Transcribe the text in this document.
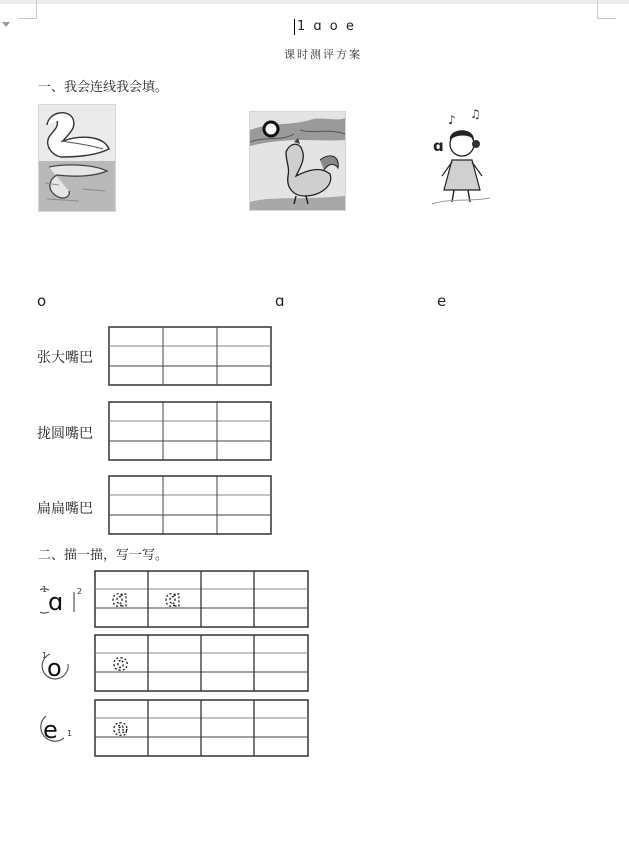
1 ɑ o e
课时测评方案
一、我会连线我会填。
ɑ
♪ ♫
o	ɑ	e
张大嘴巴
拢圆嘴巴
扁扁嘴巴
二、描一描，写一写。
1 ɑ 2 ɑ ɑ
1 o o
e 1 e
